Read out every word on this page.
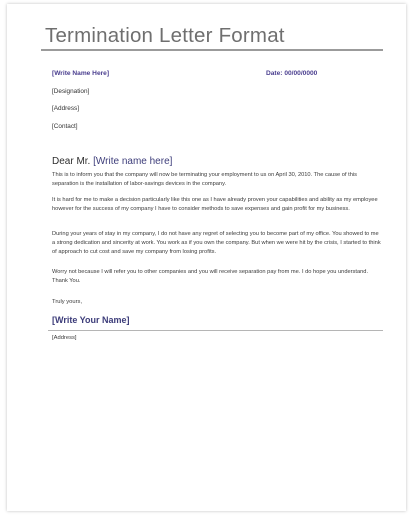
Termination Letter Format
[Write Name Here]	Date: 00/00/0000
[Designation]
[Address]
[Contact]
Dear Mr. [Write name here]
This is to inform you that the company will now be terminating your employment to us on April 30, 2010. The cause of this separation is the installation of labor-savings devices in the company.
It is hard for me to make a decision particularly like this one as I have already proven your capabilities and ability as my employee however for the success of my company I have to consider methods to save expenses and gain profit for my business.
During your years of stay in my company, I do not have any regret of selecting you to become part of my office. You showed to me a strong dedication and sincerity at work. You work as if you own the company. But when we were hit by the crisis, I started to think of approach to cut cost and save my company from losing profits.
Worry not because I will refer you to other companies and you will receive separation pay from me. I do hope you understand. Thank You.
Truly yours,
[Write Your Name]
[Address]
